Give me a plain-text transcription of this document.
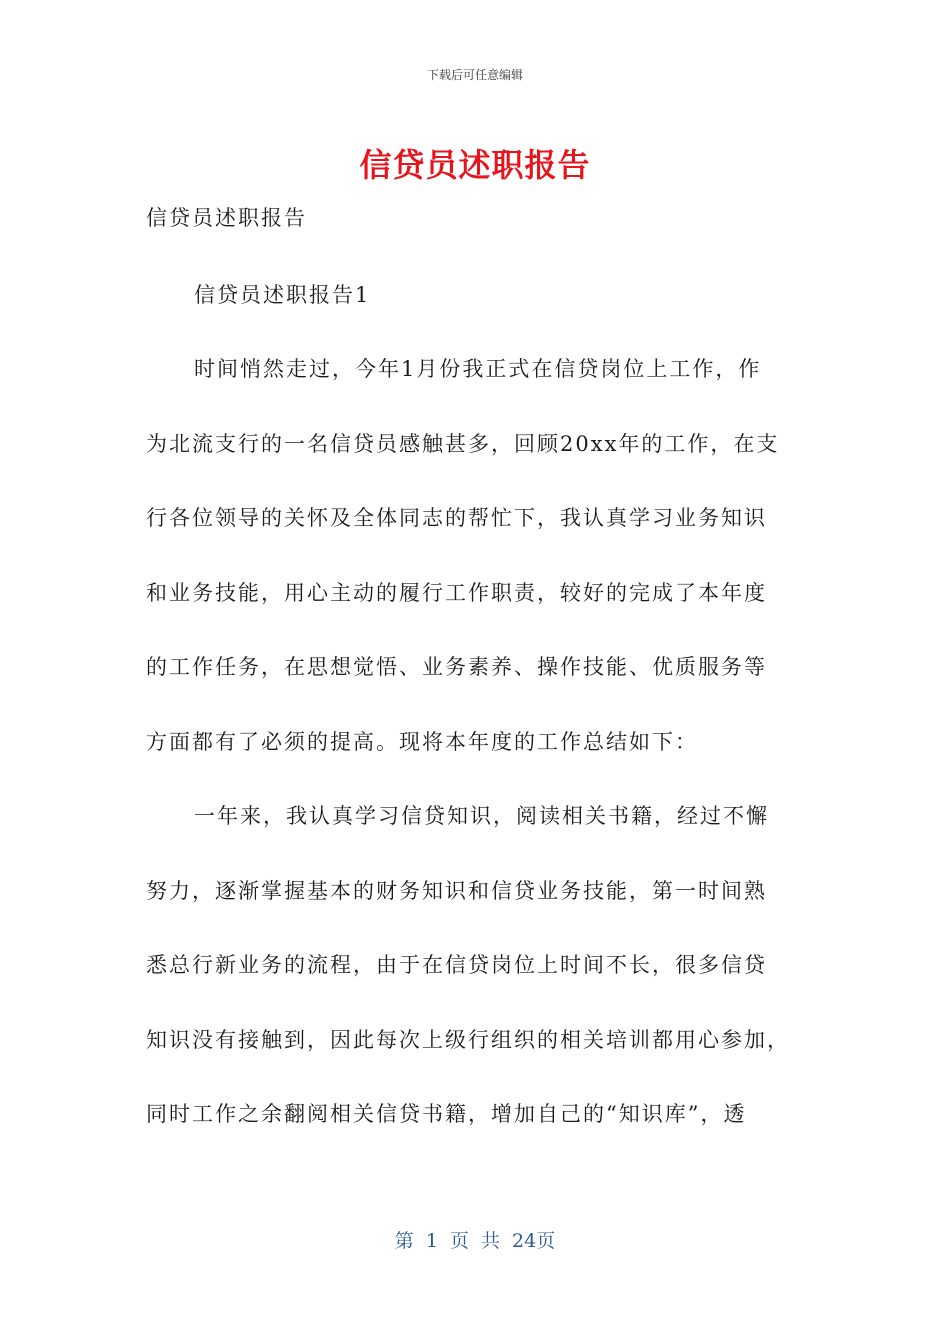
下载后可任意编辑
信贷员述职报告

信贷员述职报告

信贷员述职报告1

时间悄然走过，今年1月份我正式在信贷岗位上工作，作

为北流支行的一名信贷员感触甚多，回顾20xx年的工作，在支

行各位领导的关怀及全体同志的帮忙下，我认真学习业务知识

和业务技能，用心主动的履行工作职责，较好的完成了本年度

的工作任务，在思想觉悟、业务素养、操作技能、优质服务等

方面都有了必须的提高。现将本年度的工作总结如下：

一年来，我认真学习信贷知识，阅读相关书籍，经过不懈

努力，逐渐掌握基本的财务知识和信贷业务技能，第一时间熟

悉总行新业务的流程，由于在信贷岗位上时间不长，很多信贷

知识没有接触到，因此每次上级行组织的相关培训都用心参加，

同时工作之余翻阅相关信贷书籍，增加自己的“知识库”，透

第 1 页 共 24页
